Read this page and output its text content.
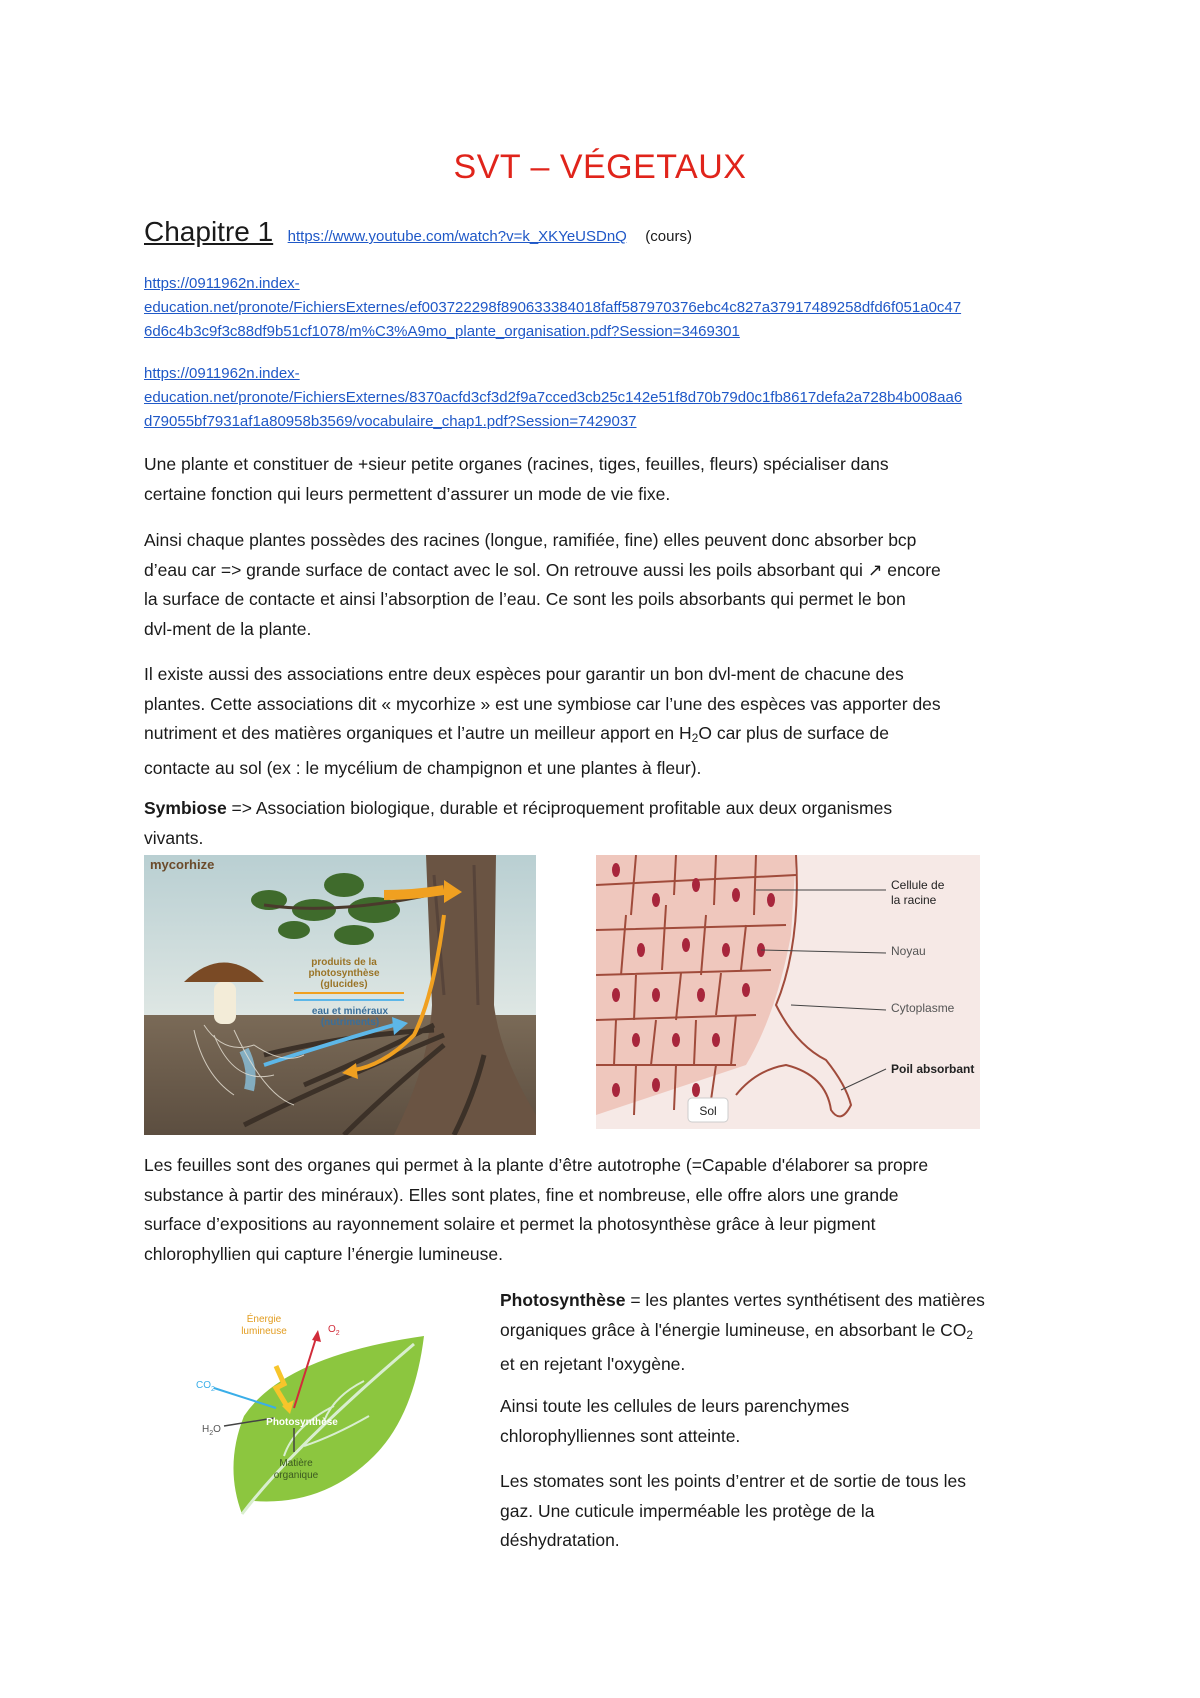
SVT – VÉGETAUX
Chapitre 1 https://www.youtube.com/watch?v=k_XKYeUSDnQ (cours)
https://0911962n.index-
education.net/pronote/FichiersExternes/ef003722298f890633384018faff587970376ebc4c827a37917489258dfd6f051a0c47
6d6c4b3c9f3c88df9b51cf1078/m%C3%A9mo_plante_organisation.pdf?Session=3469301
https://0911962n.index-
education.net/pronote/FichiersExternes/8370acfd3cf3d2f9a7cced3cb25c142e51f8d70b79d0c1fb8617defa2a728b4b008aa6
d79055bf7931af1a80958b3569/vocabulaire_chap1.pdf?Session=7429037

Une plante et constituer de +sieur petite organes (racines, tiges, feuilles, fleurs) spécialiser dans
certaine fonction qui leurs permettent d’assurer un mode de vie fixe.

Ainsi chaque plantes possèdes des racines (longue, ramifiée, fine) elles peuvent donc absorber bcp
d’eau car => grande surface de contact avec le sol. On retrouve aussi les poils absorbant qui ↗ encore
la surface de contacte et ainsi l’absorption de l’eau. Ce sont les poils absorbants qui permet le bon
dvl-ment de la plante.

Il existe aussi des associations entre deux espèces pour garantir un bon dvl-ment de chacune des
plantes. Cette associations dit « mycorhize » est une symbiose car l’une des espèces vas apporter des
nutriment et des matières organiques et l’autre un meilleur apport en $H_2O$ car plus de surface de
contacte au sol (ex : le mycélium de champignon et une plantes à fleur).

Symbiose => Association biologique, durable et réciproquement profitable aux deux organismes
vivants.

mycorhize
produits de la
photosynthèse
(glucides)
eau et minéraux
(nutriments)
Cellule de
la racine
Noyau
Cytoplasme
Poil absorbant
Sol

Les feuilles sont des organes qui permet à la plante d’être autotrophe (=Capable d'élaborer sa propre
substance à partir des minéraux). Elles sont plates, fine et nombreuse, elle offre alors une grande
surface d’expositions au rayonnement solaire et permet la photosynthèse grâce à leur pigment
chlorophyllien qui capture l’énergie lumineuse.

Énergie
lumineuse	$O_2$
$CO_2$
$H_2O$
Photosynthèse
Matière
organique

Photosynthèse = les plantes vertes synthétisent des matières
organiques grâce à l'énergie lumineuse, en absorbant le $CO_2$
et en rejetant l'oxygène.

Ainsi toute les cellules de leurs parenchymes
chlorophylliennes sont atteinte.

Les stomates sont les points d’entrer et de sortie de tous les
gaz. Une cuticule imperméable les protège de la
déshydratation.
